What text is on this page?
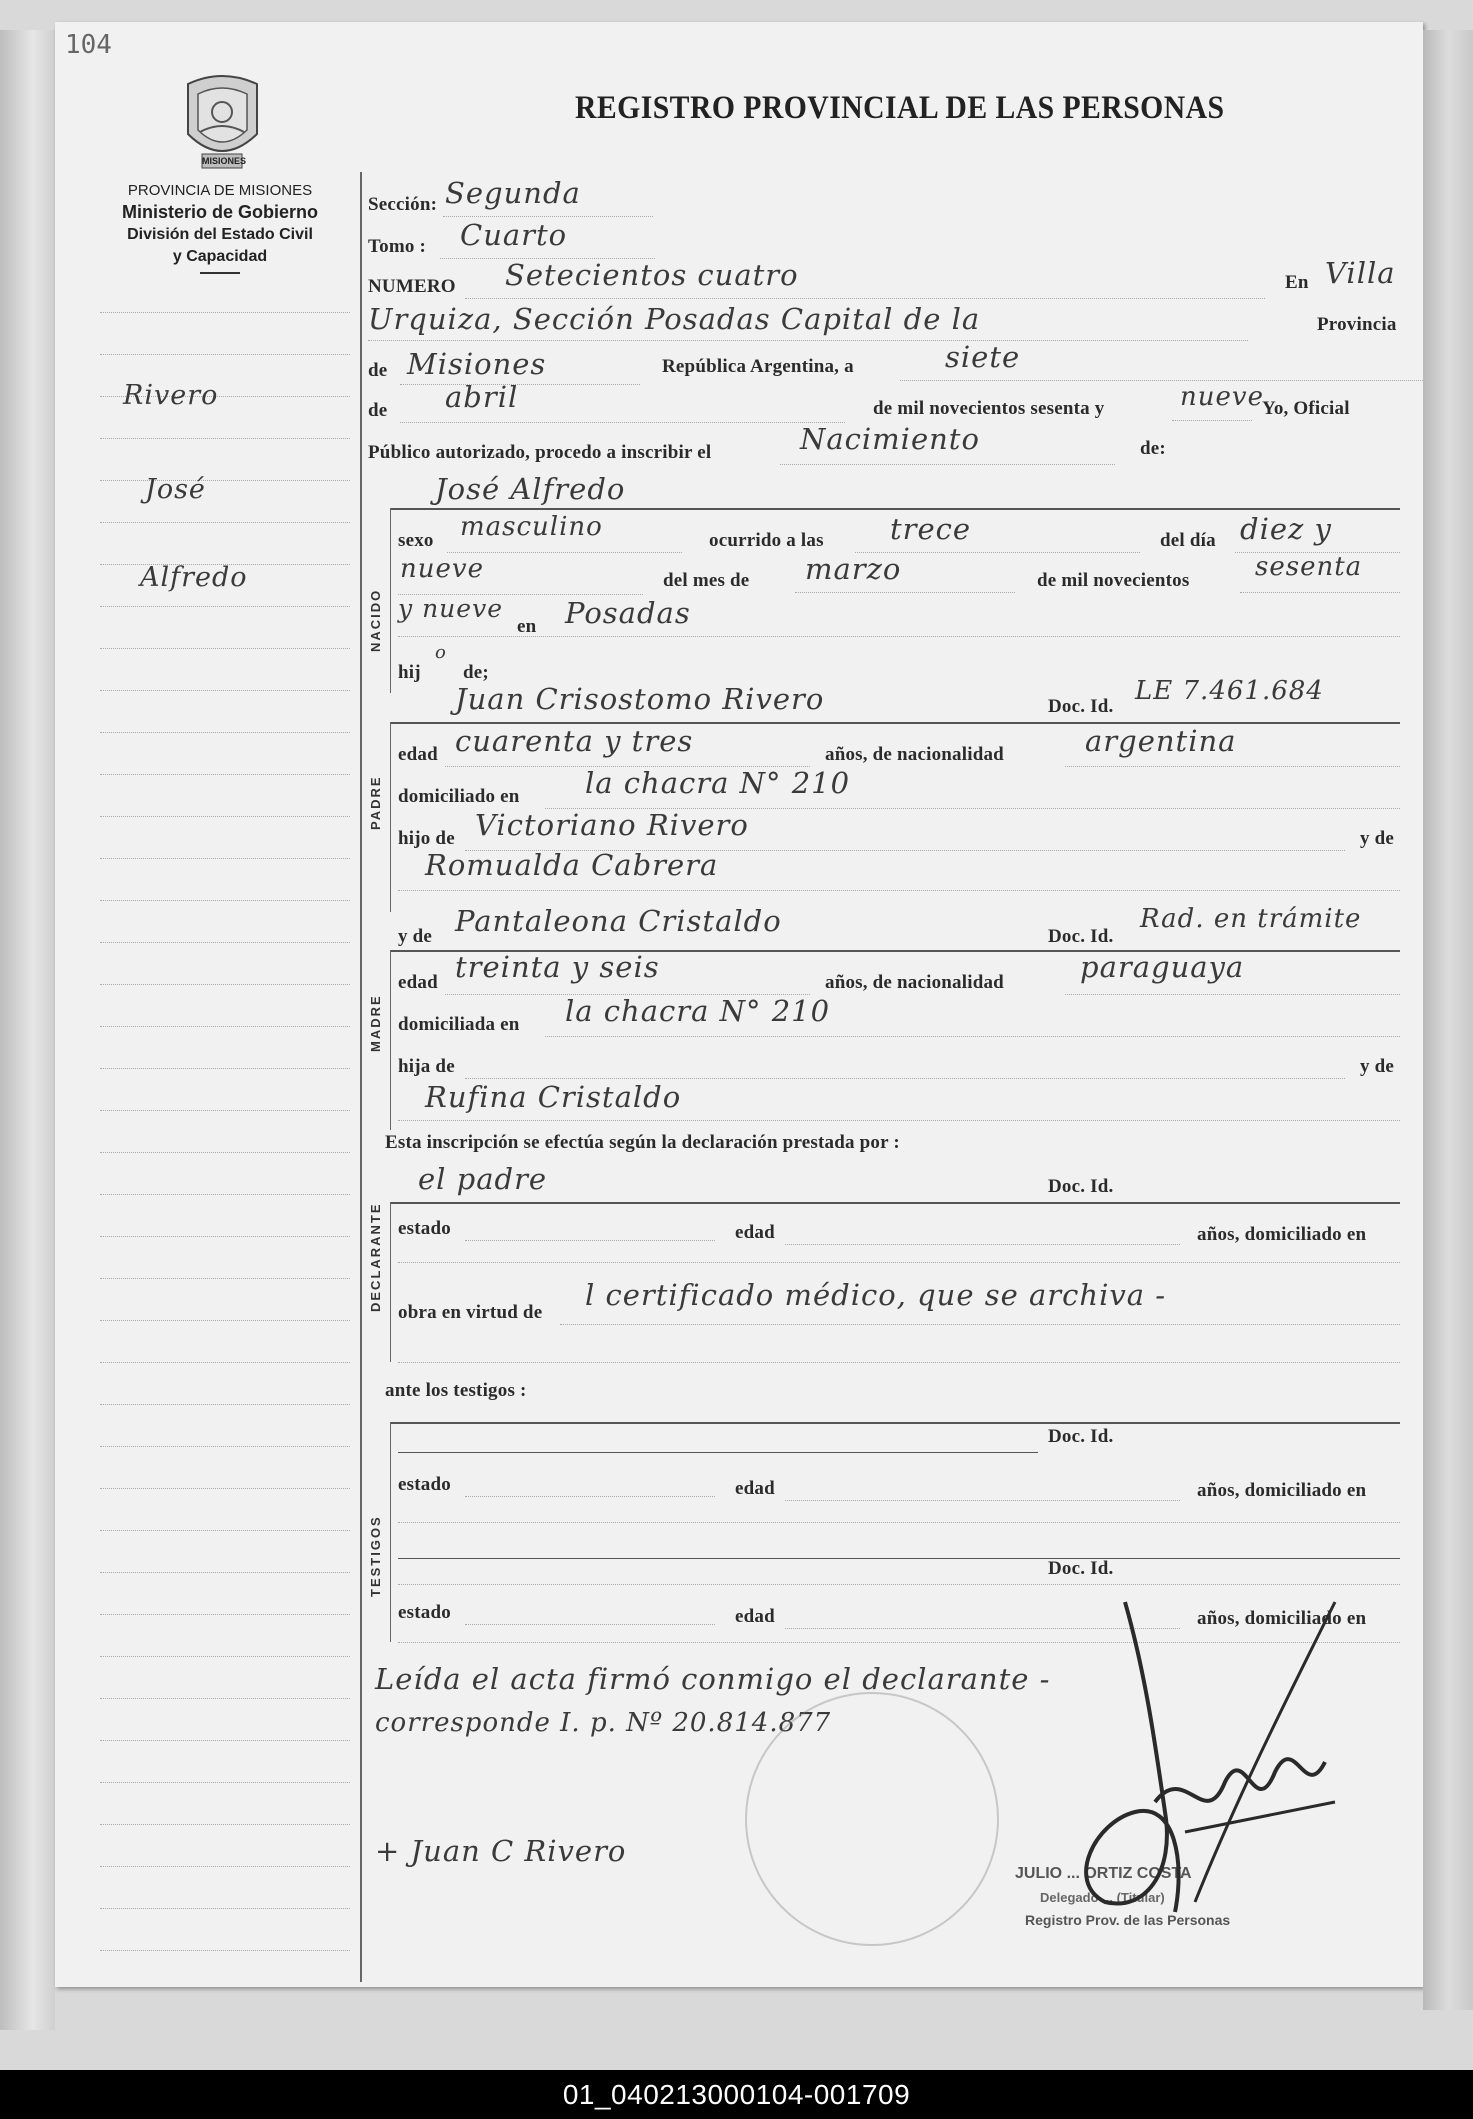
104
MISIONES
PROVINCIA DE MISIONES
Ministerio de Gobierno
División del Estado Civil
y Capacidad
REGISTRO PROVINCIAL DE LAS PERSONAS
Rivero
José
Alfredo
Sección: Segunda
Tomo : Cuarto
NUMERO Setecientos cuatro	En Villa
Urquiza, Sección Posadas Capital de la	Provincia
de Misiones	República Argentina, a	siete
de abril	de mil novecientos sesenta y	nueve
Yo, Oficial
Público autorizado, procedo a inscribir el	Nacimiento	de:
José Alfredo
NACIDO
sexo masculino	ocurrido a las trece	del día diez y
nueve	del mes de marzo	de mil novecientos	sesenta
y nueve
en Posadas
hij
o
de;
Juan Crisostomo Rivero	Doc. Id.
LE 7.461.684
PADRE
edad cuarenta y tres	años, de nacionalidad	argentina
domiciliado en la chacra N° 210
hijo de Victoriano Rivero	y de
Romualda Cabrera
y de Pantaleona Cristaldo	Doc. Id.
Rad. en trámite
MADRE
edad treinta y seis	años, de nacionalidad	paraguaya
domiciliada en la chacra N° 210
hija de	y de
Rufina Cristaldo
Esta inscripción se efectúa según la declaración prestada por :
el padre	Doc. Id.
DECLARANTE estado	edad	años, domiciliado en
obra en virtud de
l certificado médico, que se archiva -
ante los testigos :
TESTIGOS
Doc. Id.
estado	edad	años, domiciliado en
Doc. Id.
estado	edad	años, domiciliado en
Leída el acta firmó conmigo el declarante -
corresponde I. p. Nº 20.814.877
+ Juan C Rivero
JULIO ... ORTIZ COSTA
Delegado ... (Titular)
Registro Prov. de las Personas
01_040213000104-001709
